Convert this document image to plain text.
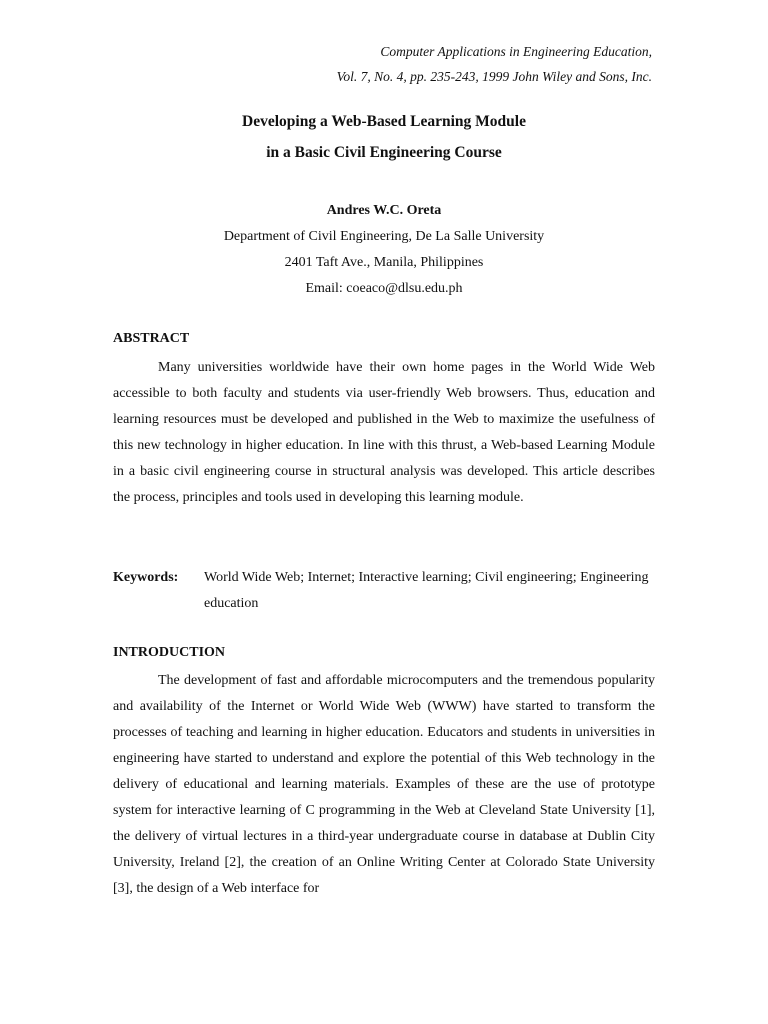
Computer Applications in Engineering Education,
Vol. 7, No. 4, pp. 235-243, 1999 John Wiley and Sons, Inc.
Developing a Web-Based Learning Module
in a Basic Civil Engineering Course
Andres W.C. Oreta
Department of Civil Engineering, De La Salle University
2401 Taft Ave., Manila, Philippines
Email: coeaco@dlsu.edu.ph
ABSTRACT
Many universities worldwide have their own home pages in the World Wide Web accessible to both faculty and students via user-friendly Web browsers. Thus, education and learning resources must be developed and published in the Web to maximize the usefulness of this new technology in higher education. In line with this thrust, a Web-based Learning Module in a basic civil engineering course in structural analysis was developed. This article describes the process, principles and tools used in developing this learning module.
Keywords: World Wide Web; Internet; Interactive learning; Civil engineering; Engineering education
INTRODUCTION
The development of fast and affordable microcomputers and the tremendous popularity and availability of the Internet or World Wide Web (WWW) have started to transform the processes of teaching and learning in higher education. Educators and students in universities in engineering have started to understand and explore the potential of this Web technology in the delivery of educational and learning materials. Examples of these are the use of prototype system for interactive learning of C programming in the Web at Cleveland State University [1], the delivery of virtual lectures in a third-year undergraduate course in database at Dublin City University, Ireland [2], the creation of an Online Writing Center at Colorado State University [3], the design of a Web interface for
